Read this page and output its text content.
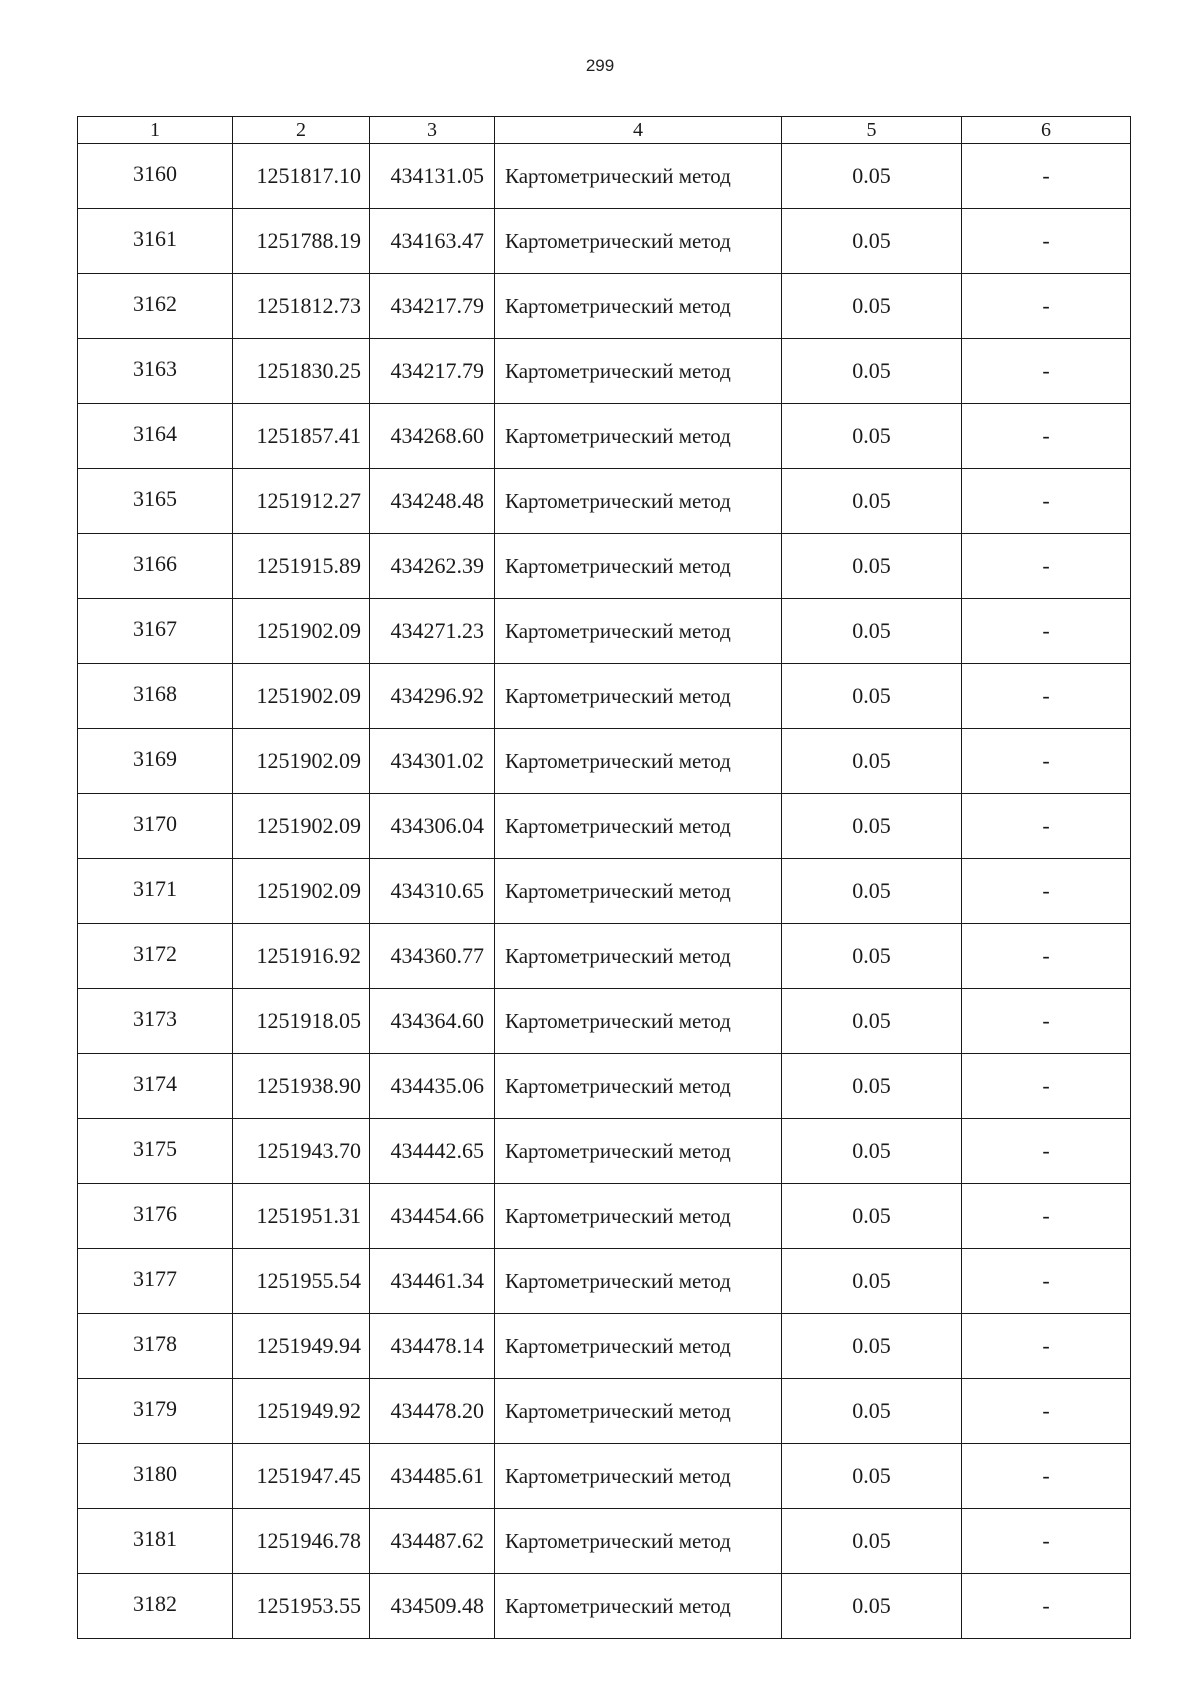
299
1	2	3	4	5	6
3160	1251817.10	434131.05	Картометрический метод	0.05	-
3161	1251788.19	434163.47	Картометрический метод	0.05	-
3162	1251812.73	434217.79	Картометрический метод	0.05	-
3163	1251830.25	434217.79	Картометрический метод	0.05	-
3164	1251857.41	434268.60	Картометрический метод	0.05	-
3165	1251912.27	434248.48	Картометрический метод	0.05	-
3166	1251915.89	434262.39	Картометрический метод	0.05	-
3167	1251902.09	434271.23	Картометрический метод	0.05	-
3168	1251902.09	434296.92	Картометрический метод	0.05	-
3169	1251902.09	434301.02	Картометрический метод	0.05	-
3170	1251902.09	434306.04	Картометрический метод	0.05	-
3171	1251902.09	434310.65	Картометрический метод	0.05	-
3172	1251916.92	434360.77	Картометрический метод	0.05	-
3173	1251918.05	434364.60	Картометрический метод	0.05	-
3174	1251938.90	434435.06	Картометрический метод	0.05	-
3175	1251943.70	434442.65	Картометрический метод	0.05	-
3176	1251951.31	434454.66	Картометрический метод	0.05	-
3177	1251955.54	434461.34	Картометрический метод	0.05	-
3178	1251949.94	434478.14	Картометрический метод	0.05	-
3179	1251949.92	434478.20	Картометрический метод	0.05	-
3180	1251947.45	434485.61	Картометрический метод	0.05	-
3181	1251946.78	434487.62	Картометрический метод	0.05	-
3182	1251953.55	434509.48	Картометрический метод	0.05	-
